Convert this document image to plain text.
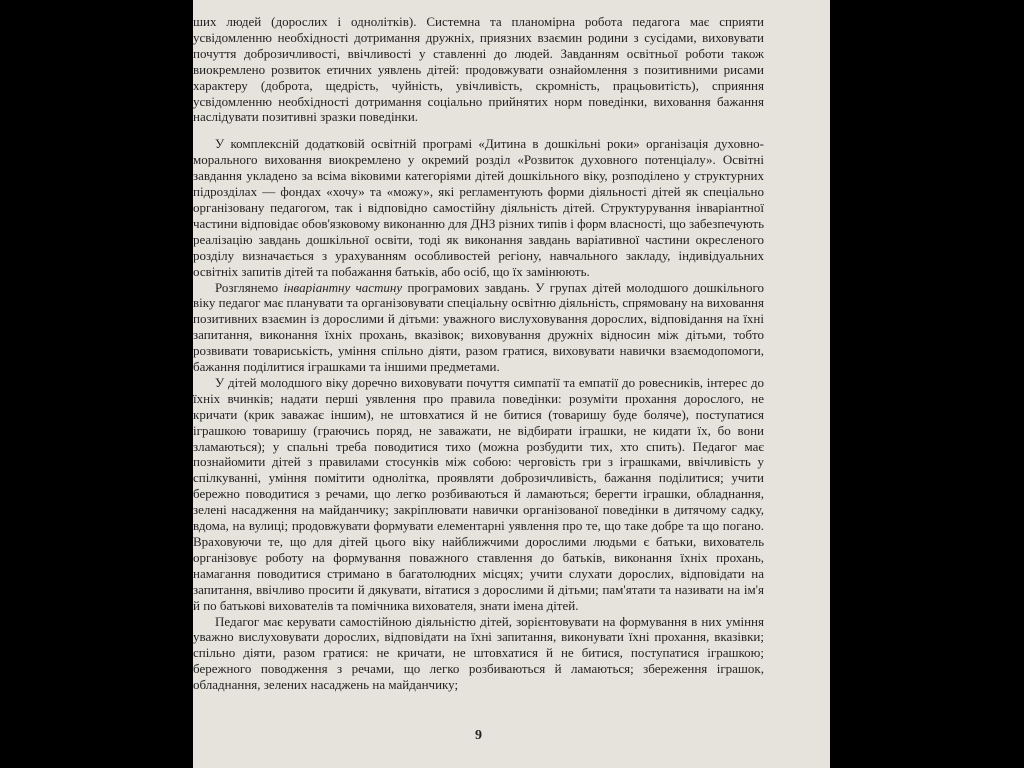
ших людей (дорослих і однолітків). Системна та планомірна робота педагога має сприяти усвідомленню необхідності дотримання дружніх, приязних взаємин родини з сусідами, виховувати почуття доброзичливості, ввічливості у ставленні до людей. Завданням освітньої роботи також виокремлено розвиток етичних уявлень дітей: продовжувати ознайомлення з позитивними рисами характеру (доброта, щедрість, чуйність, увічливість, скромність, працьовитість), сприяння усвідомленню необхідності дотримання соціально прийнятих норм поведінки, виховання бажання наслідувати позитивні зразки поведінки.

У комплексній додатковій освітній програмі «Дитина в дошкільні роки» організація духовно-морального виховання виокремлено у окремий розділ «Розвиток духовного потенціалу». Освітні завдання укладено за всіма віковими категоріями дітей дошкільного віку, розподілено у структурних підрозділах — фондах «хочу» та «можу», які регламентують форми діяльності дітей як спеціально організовану педагогом, так і відповідно самостійну діяльність дітей. Структурування інваріантної частини відповідає обов'язковому виконанню для ДНЗ різних типів і форм власності, що забезпечують реалізацію завдань дошкільної освіти, тоді як виконання завдань варіативної частини окресленого розділу визначається з урахуванням особливостей регіону, навчального закладу, індивідуальних освітніх запитів дітей та побажання батьків, або осіб, що їх замінюють.

Розглянемо інваріантну частину програмових завдань. У групах дітей молодшого дошкільного віку педагог має планувати та організовувати спеціальну освітню діяльність, спрямовану на виховання позитивних взаємин із дорослими й дітьми: уважного вислуховування дорослих, відповідання на їхні запитання, виконання їхніх прохань, вказівок; виховування дружніх відносин між дітьми, тобто розвивати товариськість, уміння спільно діяти, разом гратися, виховувати навички взаємодопомоги, бажання поділитися іграшками та іншими предметами.

У дітей молодшого віку доречно виховувати почуття симпатії та емпатії до ровесників, інтерес до їхніх вчинків; надати перші уявлення про правила поведінки: розуміти прохання дорослого, не кричати (крик заважає іншим), не штовхатися й не битися (товаришу буде боляче), поступатися іграшкою товаришу (граючись поряд, не заважати, не відбирати іграшки, не кидати їх, бо вони зламаються); у спальні треба поводитися тихо (можна розбудити тих, хто спить). Педагог має познайомити дітей з правилами стосунків між собою: черговість гри з іграшками, ввічливість у спілкуванні, уміння помітити однолітка, проявляти доброзичливість, бажання поділитися; учити бережно поводитися з речами, що легко розбиваються й ламаються; берегти іграшки, обладнання, зелені насадження на майданчику; закріплювати навички організованої поведінки в дитячому садку, вдома, на вулиці; продовжувати формувати елементарні уявлення про те, що таке добре та що погано. Враховуючи те, що для дітей цього віку найближчими дорослими людьми є батьки, вихователь організовує роботу на формування поважного ставлення до батьків, виконання їхніх прохань, намагання поводитися стримано в багатолюдних місцях; учити слухати дорослих, відповідати на запитання, ввічливо просити й дякувати, вітатися з дорослими й дітьми; пам'ятати та називати на ім'я й по батькові вихователів та помічника вихователя, знати імена дітей.

Педагог має керувати самостійною діяльністю дітей, зорієнтовувати на формування в них уміння уважно вислуховувати дорослих, відповідати на їхні запитання, виконувати їхні прохання, вказівки; спільно діяти, разом гратися: не кричати, не штовхатися й не битися, поступатися іграшкою; бережного поводження з речами, що легко розбиваються й ламаються; збереження іграшок, обладнання, зелених насаджень на майданчику;

9
